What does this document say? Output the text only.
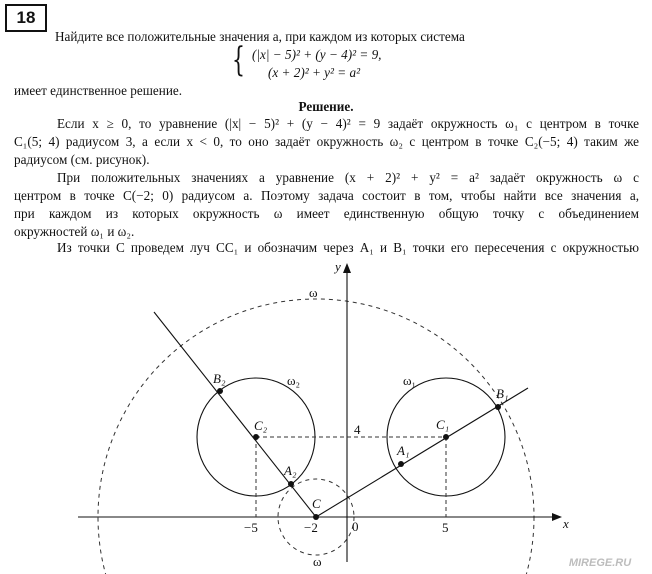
18
Найдите все положительные значения a, при каждом из которых система
{ (|x| − 5)² + (y − 4)² = 9,
(x + 2)² + y² = a²
имеет единственное решение.
Решение.
Если x ≥ 0, то уравнение (|x| − 5)² + (y − 4)² = 9 задаёт окружность ω₁ с центром в точке
C₁(5; 4) радиусом 3, а если x < 0, то оно задаёт окружность ω₂ с центром в точке C₂(−5; 4) таким же
радиусом (см. рисунок).
При положительных значениях a уравнение (x + 2)² + y² = a² задаёт окружность ω с
центром в точке C(−2; 0) радиусом a. Поэтому задача состоит в том, чтобы найти все значения a,
при каждом из которых окружность ω имеет единственную общую точку с объединением
окружностей ω₁ и ω₂.
Из точки C проведем луч CC₁ и обозначим через A₁ и B₁ точки его пересечения с окружностью
x
y
0
4
−5	−2	5
ω
ω
ω₁
ω₂
B₁
A₁
C₁
B₂
A₂
C₂
C
MIREGE.RU
